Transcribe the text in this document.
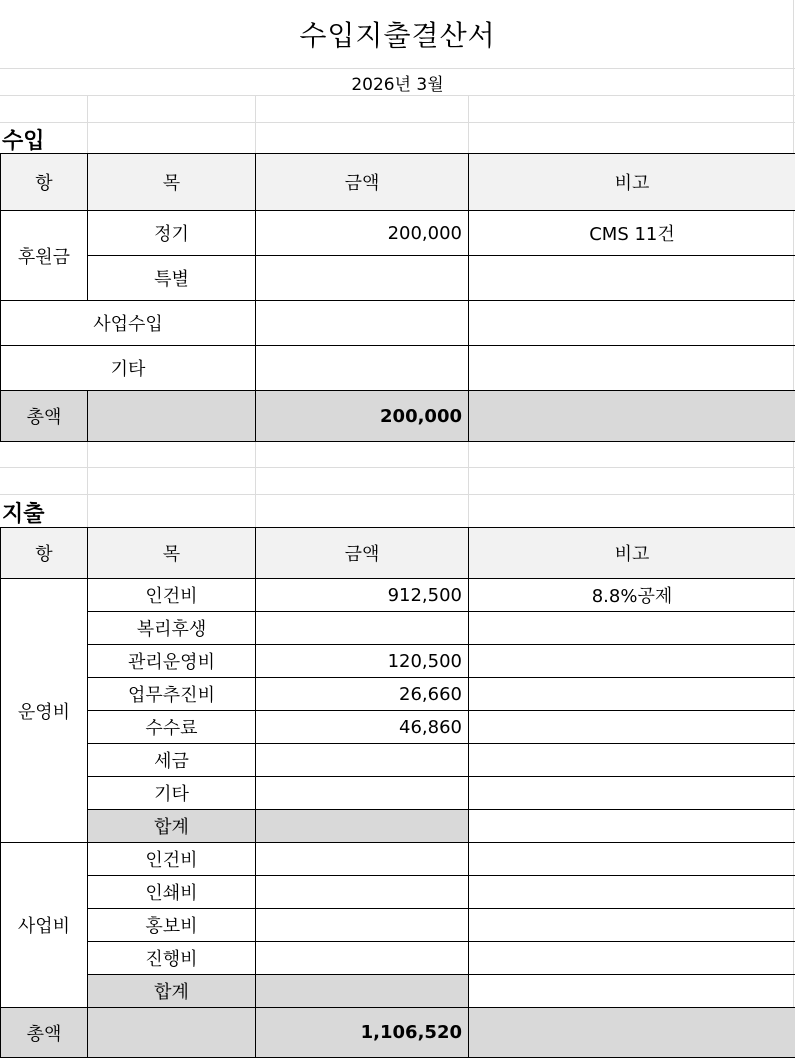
수입지출결산서
2026년 3월
수입
항	목	금액	비고
후원금	정기	200,000	CMS 11건
	특별		
사업수입			
기타			
총액		200,000	
지출
항	목	금액	비고
운영비	인건비	912,500	8.8%공제
	복리후생		
	관리운영비	120,500	
	업무추진비	26,660	
	수수료	46,860	
	세금		
	기타		
	합계		
사업비	인건비		
	인쇄비		
	홍보비		
	진행비		
	합계		
총액		1,106,520	
